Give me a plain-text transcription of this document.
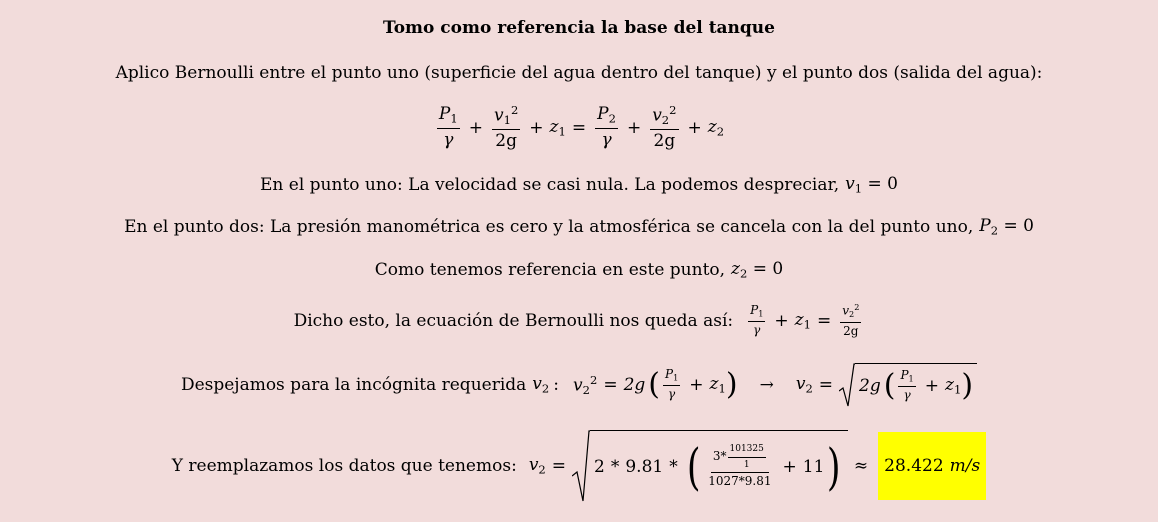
Tomo como referencia la base del tanque
Aplico Bernoulli entre el punto uno (superficie del agua dentro del tanque) y el punto dos (salida del agua):
$\frac{P_1}{\gamma} + \frac{v_1^2}{2g} + z_1 = \frac{P_2}{\gamma} + \frac{v_2^2}{2g} + z_2$
En el punto uno: La velocidad se casi nula. La podemos despreciar, $v_1 = 0$
En el punto dos: La presión manométrica es cero y la atmosférica se cancela con la del punto uno, $P_2 = 0$
Como tenemos referencia en este punto, $z_2 = 0$
Dicho esto, la ecuación de Bernoulli nos queda así: $\frac{P_1}{\gamma} + z_1 = \frac{v_2^2}{2g}$
Despejamos para la incógnita requerida $v_2$ : $v_2^2 = 2g$ ( $\frac{P_1}{\gamma} + z_1$ ) → $v_2 = 2g$ ( $\frac{P_1}{\gamma} + z_1$ )
Y reemplazamos los datos que tenemos: $v_2 = 2 * 9.81$ * ( $\frac{3 * \frac{101325}{1}}{1027*9.81} + 11$ ) ≈ 28.422 m/s
